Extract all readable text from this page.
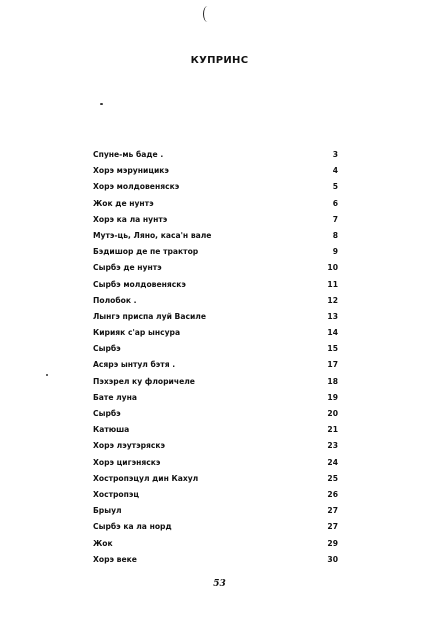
КУПРИНС
Спуне-мь баде .	3
Хорэ мэруницикэ	4
Хорэ молдовеняскэ	5
Жок де нунтэ	6
Хорэ ка ла нунтэ	7
Мутэ-ць, Ляно, каса'н вале	8
Бэдишор де пе трактор	9
Сырбэ де нунтэ	10
Сырбэ молдовеняскэ	11
Полобок .	12
Лынгэ приспа луй Василе	13
Кирияк с'ар ынсура	14
Сырбэ	15
Асярэ ынтул бэтя .	17
Пэхэрел ку флоричеле	18
Бате луна	19
Сырбэ	20
Катюша	21
Хорэ лэутэряскэ	23
Хорэ цигэняскэ	24
Хостропэцул дин Кахул	25
Хостропэц	26
Брыул	27
Сырбэ ка ла норд	27
Жок	29
Хорэ веке	30
53
